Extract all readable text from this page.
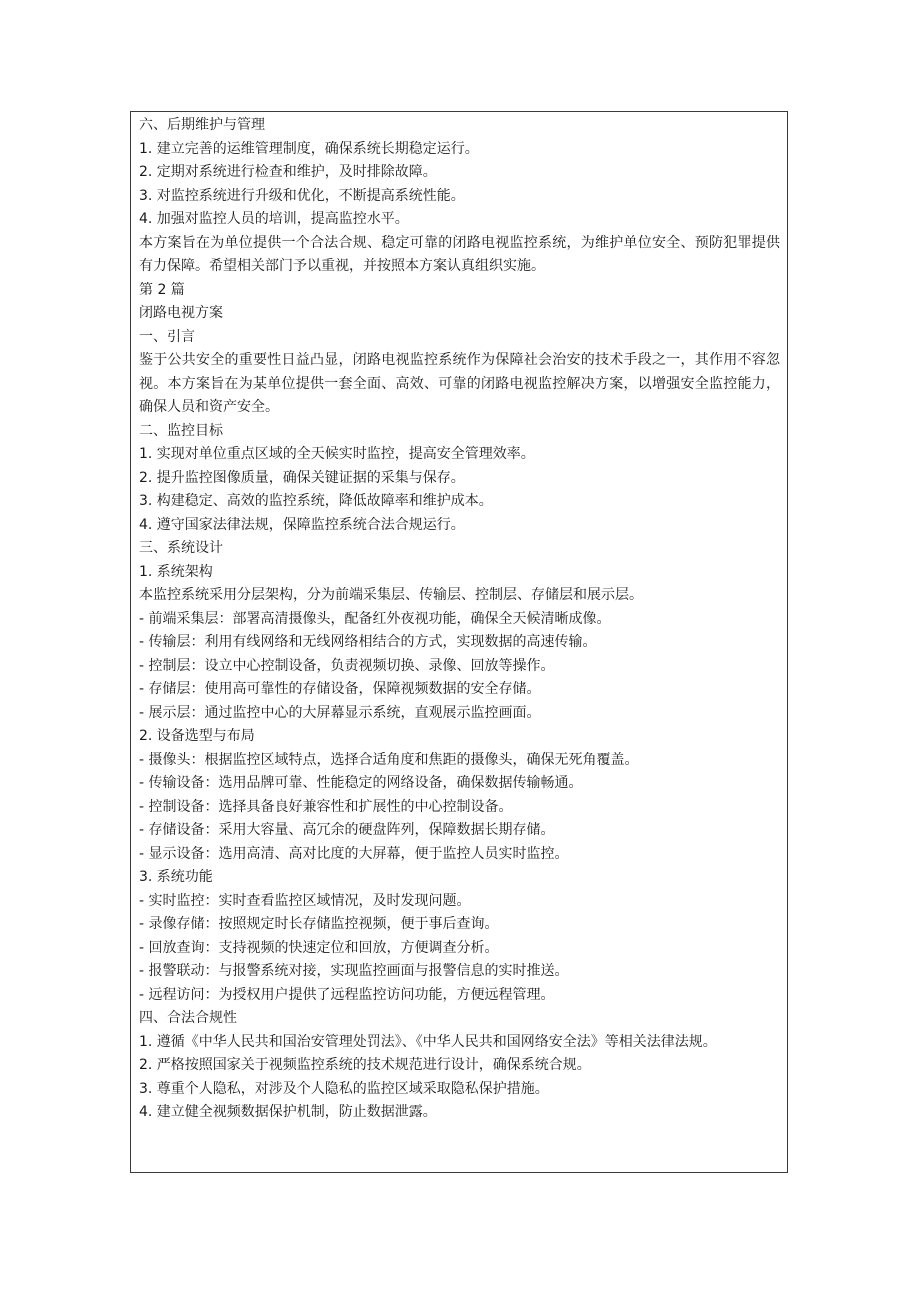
六、后期维护与管理
1. 建立完善的运维管理制度，确保系统长期稳定运行。
2. 定期对系统进行检查和维护，及时排除故障。
3. 对监控系统进行升级和优化，不断提高系统性能。
4. 加强对监控人员的培训，提高监控水平。
本方案旨在为单位提供一个合法合规、稳定可靠的闭路电视监控系统，为维护单位安全、预防犯罪提供有力保障。希望相关部门予以重视，并按照本方案认真组织实施。
第 2 篇
闭路电视方案
一、引言
鉴于公共安全的重要性日益凸显，闭路电视监控系统作为保障社会治安的技术手段之一，其作用不容忽视。本方案旨在为某单位提供一套全面、高效、可靠的闭路电视监控解决方案，以增强安全监控能力，确保人员和资产安全。
二、监控目标
1. 实现对单位重点区域的全天候实时监控，提高安全管理效率。
2. 提升监控图像质量，确保关键证据的采集与保存。
3. 构建稳定、高效的监控系统，降低故障率和维护成本。
4. 遵守国家法律法规，保障监控系统合法合规运行。
三、系统设计
1. 系统架构
本监控系统采用分层架构，分为前端采集层、传输层、控制层、存储层和展示层。
- 前端采集层：部署高清摄像头，配备红外夜视功能，确保全天候清晰成像。
- 传输层：利用有线网络和无线网络相结合的方式，实现数据的高速传输。
- 控制层：设立中心控制设备，负责视频切换、录像、回放等操作。
- 存储层：使用高可靠性的存储设备，保障视频数据的安全存储。
- 展示层：通过监控中心的大屏幕显示系统，直观展示监控画面。
2. 设备选型与布局
- 摄像头：根据监控区域特点，选择合适角度和焦距的摄像头，确保无死角覆盖。
- 传输设备：选用品牌可靠、性能稳定的网络设备，确保数据传输畅通。
- 控制设备：选择具备良好兼容性和扩展性的中心控制设备。
- 存储设备：采用大容量、高冗余的硬盘阵列，保障数据长期存储。
- 显示设备：选用高清、高对比度的大屏幕，便于监控人员实时监控。
3. 系统功能
- 实时监控：实时查看监控区域情况，及时发现问题。
- 录像存储：按照规定时长存储监控视频，便于事后查询。
- 回放查询：支持视频的快速定位和回放，方便调查分析。
- 报警联动：与报警系统对接，实现监控画面与报警信息的实时推送。
- 远程访问：为授权用户提供了远程监控访问功能，方便远程管理。
四、合法合规性
1. 遵循《中华人民共和国治安管理处罚法》、《中华人民共和国网络安全法》等相关法律法规。
2. 严格按照国家关于视频监控系统的技术规范进行设计，确保系统合规。
3. 尊重个人隐私，对涉及个人隐私的监控区域采取隐私保护措施。
4. 建立健全视频数据保护机制，防止数据泄露。
